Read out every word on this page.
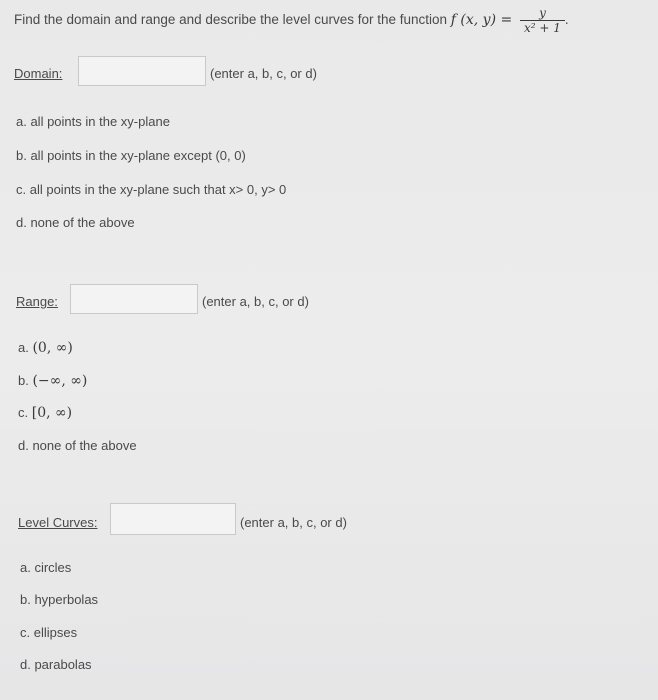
Find the domain and range and describe the level curves for the function f (x, $y) = \frac{y}{\text{x² + 1}}$ .
Domain:	(enter a, b, c, or d)
a. all points in the xy-plane
b. all points in the xy-plane except (0, 0)
c. all points in the xy-plane such that x> 0, y> 0
d. none of the above
Range:	(enter a, b, c, or d)
a. (0, ∞)
b. (−∞, ∞)
c. [0, ∞)
d. none of the above
Level Curves:	(enter a, b, c, or d)
a. circles
b. hyperbolas
c. ellipses
d. parabolas
